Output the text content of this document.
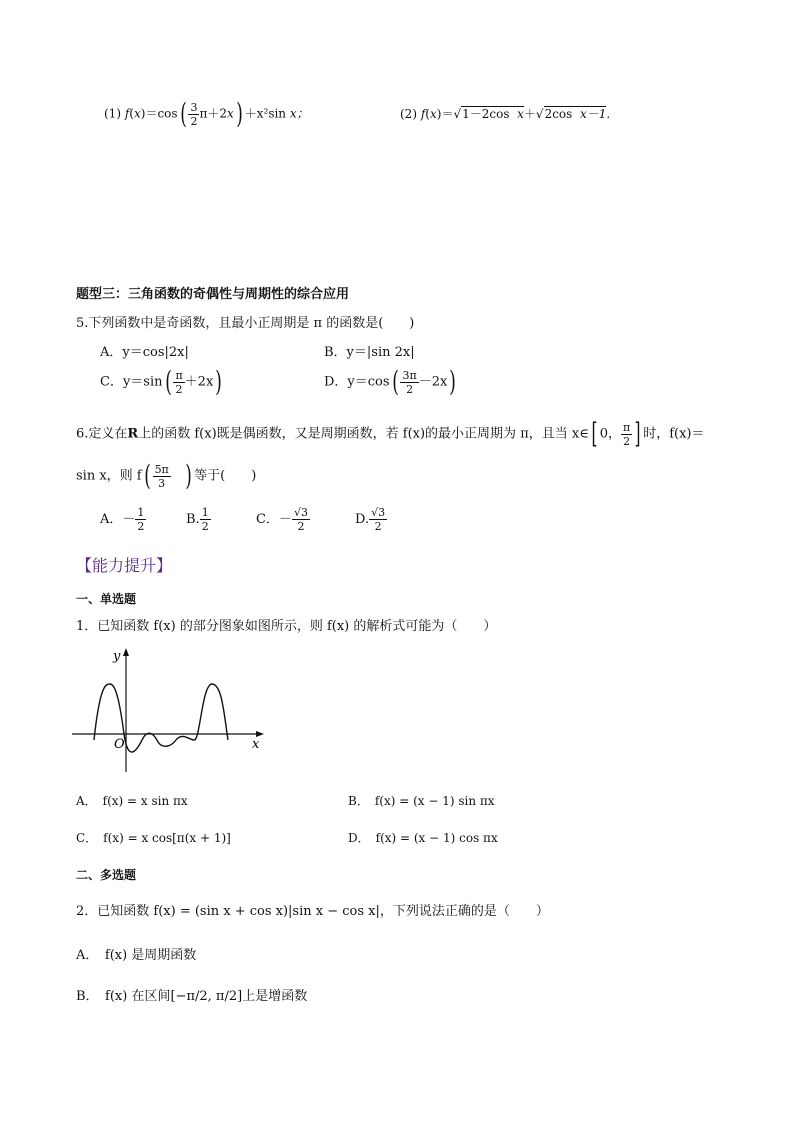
(1) $f(x)=\cos( \frac{3}{2} \pi+2x) +x^2\sin$ x；	(2) f(x)＝√1－2cos x＋√2cos x－1.
题型三：三角函数的奇偶性与周期性的综合应用
5.下列函数中是奇函数，且最小正周期是 π 的函数是(　　)
A．y＝cos|2x|	B．y＝|sin 2x|
C．$y=\sin( \frac{\pi}{2} +2x)$	D．$y=\cos( \frac{3\pi}{2} -2x)$
6.定义在R上的函数 f(x)既是偶函数，又是周期函数，若 f(x)的最小正周期为 π，且当 x∈[ 0， $\frac{\pi}{2}$ ] 时，f(x)＝
sin x，则 $f( \frac{5\pi}{3}$ ) 等于(　　)
A．－ $\frac{1}{2}$	B. $\frac{1}{2}$	C．－ $\frac{√3}{2}$	D. $\frac{√3}{2}$
【能力提升】
一、单选题
1．已知函数 f(x) 的部分图象如图所示，则 f(x) 的解析式可能为（　　）
y
x
O
A．　f(x) = x sin πx	B．　f(x) = (x − 1) sin πx
C．　f(x) = x cos[π(x + 1)]	D．　f(x) = (x − 1) cos πx
二、多选题
2．已知函数 f(x) = (sin x + cos x)|sin x − cos x|，下列说法正确的是（　　）
A．　f(x) 是周期函数
B．　f(x) 在区间[−π/2, π/2]上是增函数
